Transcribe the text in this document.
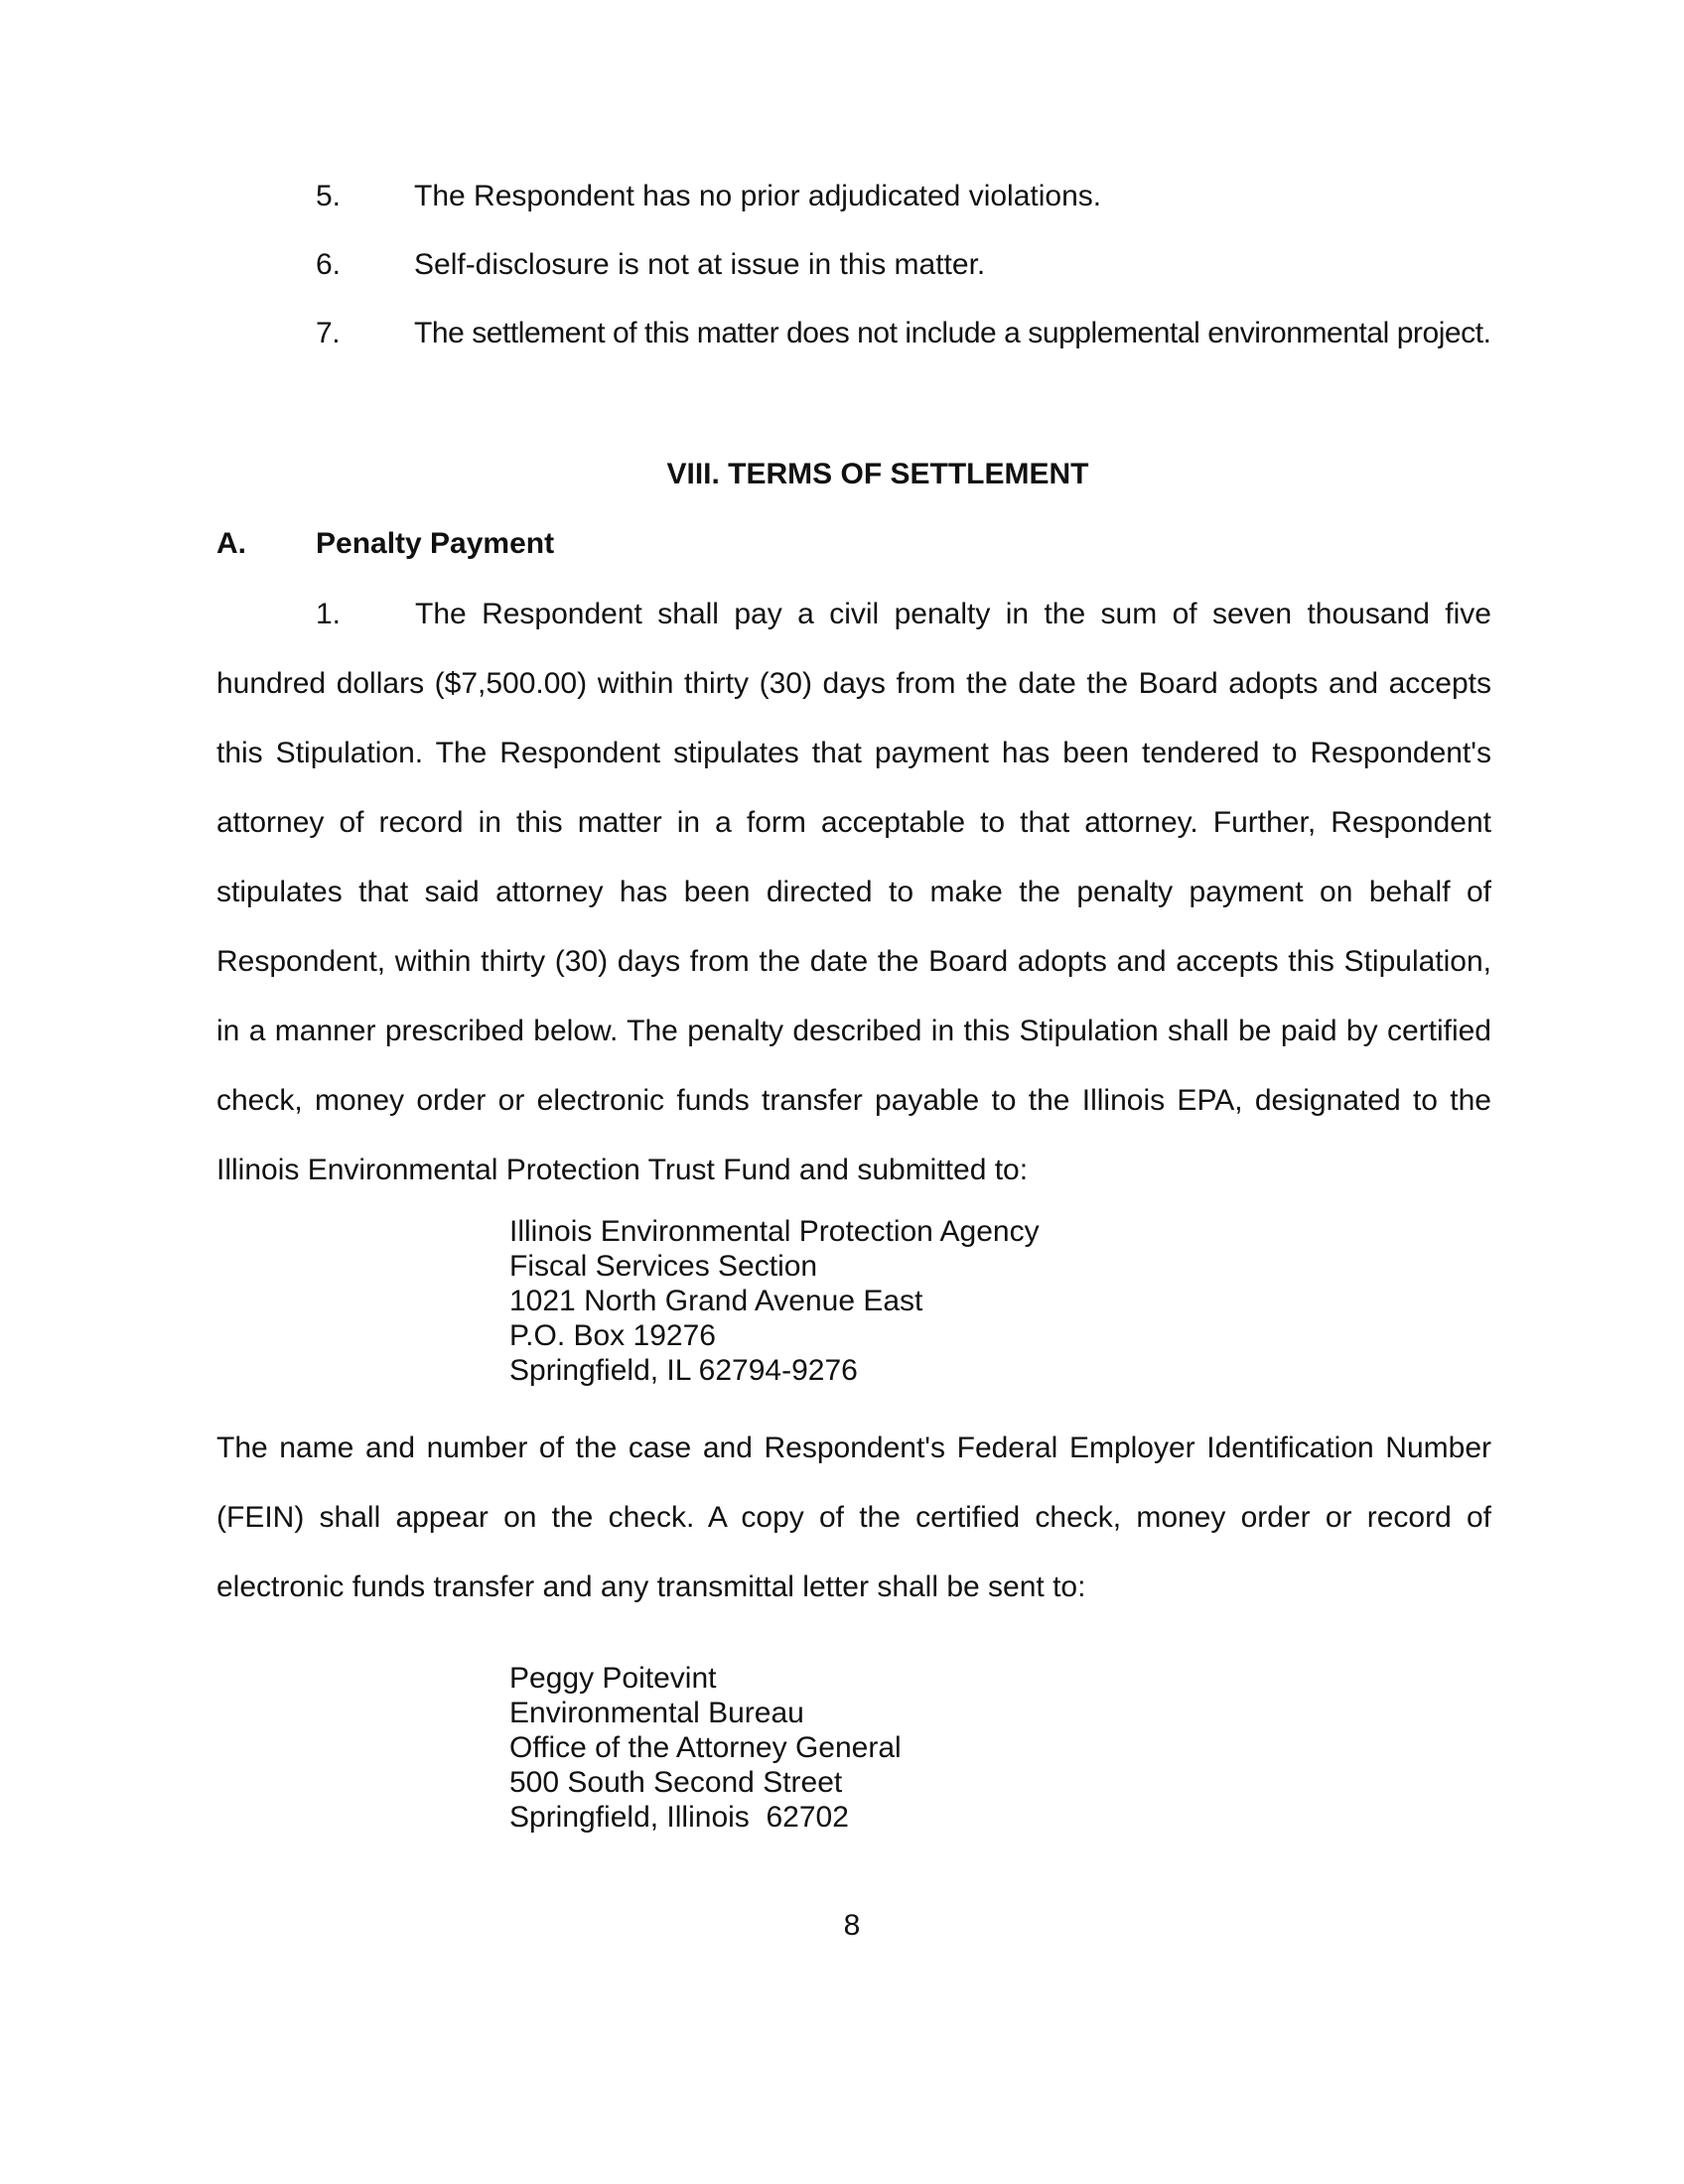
5. The Respondent has no prior adjudicated violations.
6. Self-disclosure is not at issue in this matter.
7. The settlement of this matter does not include a supplemental environmental project.
VIII. TERMS OF SETTLEMENT
A. Penalty Payment
1. The Respondent shall pay a civil penalty in the sum of seven thousand five hundred dollars ($7,500.00) within thirty (30) days from the date the Board adopts and accepts this Stipulation. The Respondent stipulates that payment has been tendered to Respondent's attorney of record in this matter in a form acceptable to that attorney. Further, Respondent stipulates that said attorney has been directed to make the penalty payment on behalf of Respondent, within thirty (30) days from the date the Board adopts and accepts this Stipulation, in a manner prescribed below. The penalty described in this Stipulation shall be paid by certified check, money order or electronic funds transfer payable to the Illinois EPA, designated to the Illinois Environmental Protection Trust Fund and submitted to:
Illinois Environmental Protection Agency
Fiscal Services Section
1021 North Grand Avenue East
P.O. Box 19276
Springfield, IL 62794-9276
The name and number of the case and Respondent's Federal Employer Identification Number (FEIN) shall appear on the check. A copy of the certified check, money order or record of electronic funds transfer and any transmittal letter shall be sent to:
Peggy Poitevint
Environmental Bureau
Office of the Attorney General
500 South Second Street
Springfield, Illinois  62702
8
